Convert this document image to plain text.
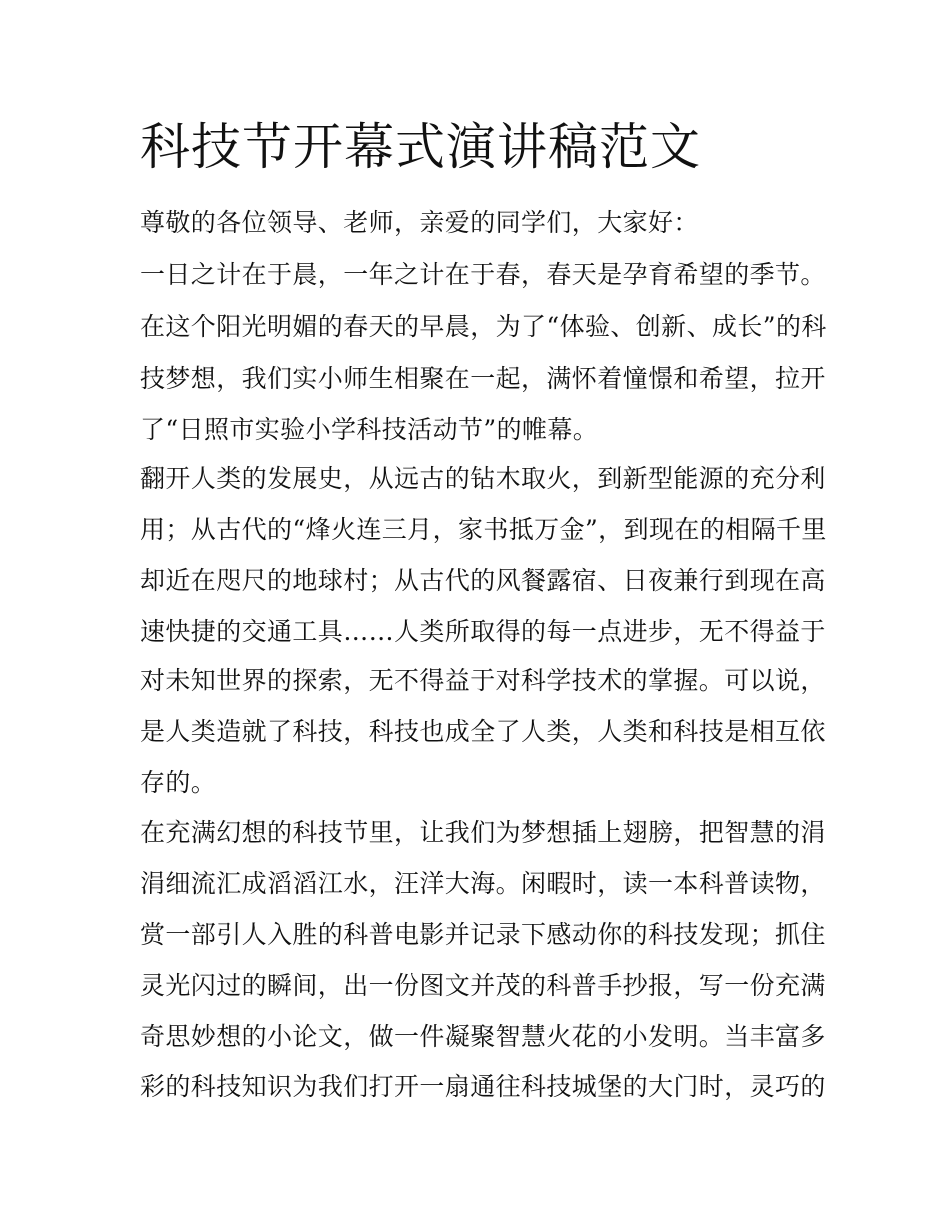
科技节开幕式演讲稿范文

尊敬的各位领导、老师，亲爱的同学们，大家好：

一日之计在于晨，一年之计在于春，春天是孕育希望的季节。

在这个阳光明媚的春天的早晨，为了“体验、创新、成长”的科

技梦想，我们实小师生相聚在一起，满怀着憧憬和希望，拉开

了“日照市实验小学科技活动节”的帷幕。

翻开人类的发展史，从远古的钻木取火，到新型能源的充分利

用；从古代的“烽火连三月，家书抵万金”，到现在的相隔千里

却近在咫尺的地球村；从古代的风餐露宿、日夜兼行到现在高

速快捷的交通工具……人类所取得的每一点进步，无不得益于

对未知世界的探索，无不得益于对科学技术的掌握。可以说，

是人类造就了科技，科技也成全了人类，人类和科技是相互依

存的。

在充满幻想的科技节里，让我们为梦想插上翅膀，把智慧的涓

涓细流汇成滔滔江水，汪洋大海。闲暇时，读一本科普读物，

赏一部引人入胜的科普电影并记录下感动你的科技发现；抓住

灵光闪过的瞬间，出一份图文并茂的科普手抄报，写一份充满

奇思妙想的小论文，做一件凝聚智慧火花的小发明。当丰富多

彩的科技知识为我们打开一扇通往科技城堡的大门时，灵巧的
